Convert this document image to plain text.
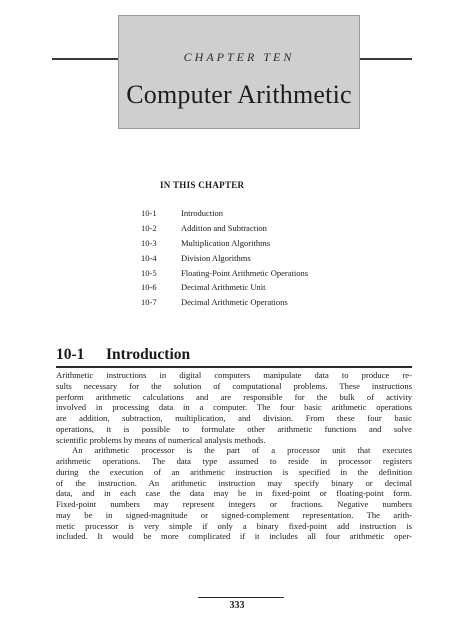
CHAPTER TEN
Computer Arithmetic
IN THIS CHAPTER
10-1	Introduction
10-2	Addition and Subtraction
10-3	Multiplication Algorithms
10-4	Division Algorithms
10-5	Floating-Point Arithmetic Operations
10-6	Decimal Arithmetic Unit
10-7	Decimal Arithmetic Operations
10-1 Introduction
Arithmetic instructions in digital computers manipulate data to produce re-
sults necessary for the solution of computational problems. These instructions
perform arithmetic calculations and are responsible for the bulk of activity
involved in processing data in a computer. The four basic arithmetic operations
are addition, subtraction, multiplication, and division. From these four basic
operations, it is possible to formulate other arithmetic functions and solve
scientific problems by means of numerical analysis methods.
An arithmetic processor is the part of a processor unit that executes
arithmetic operations. The data type assumed to reside in processor registers
during the execution of an arithmetic instruction is specified in the definition
of the instruction. An arithmetic instruction may specify binary or decimal
data, and in each case the data may be in fixed-point or floating-point form.
Fixed-point numbers may represent integers or fractions. Negative numbers
may be in signed-magnitude or signed-complement representation. The arith-
metic processor is very simple if only a binary fixed-point add instruction is
included. It would be more complicated if it includes all four arithmetic oper-
333
